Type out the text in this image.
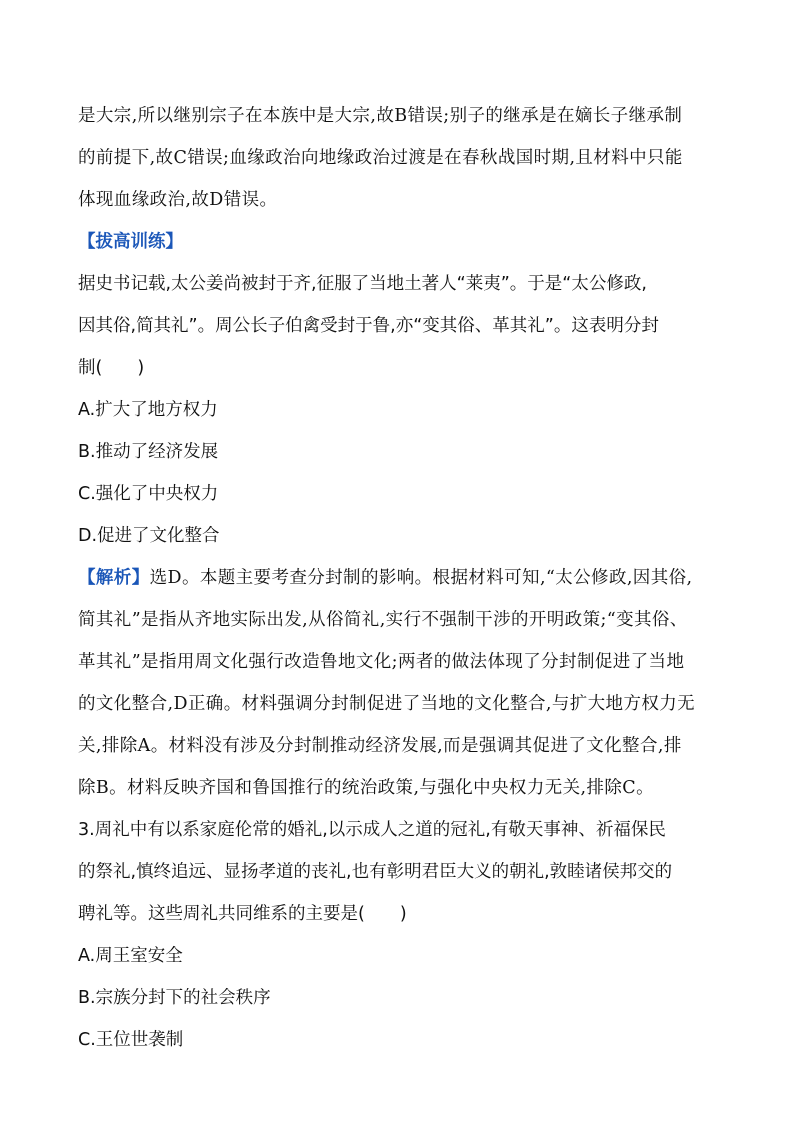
是大宗,所以继别宗子在本族中是大宗,故B错误;别子的继承是在嫡长子继承制
的前提下,故C错误;血缘政治向地缘政治过渡是在春秋战国时期,且材料中只能
体现血缘政治,故D错误。
【拔高训练】
据史书记载,太公姜尚被封于齐,征服了当地土著人“莱夷”。于是“太公修政,
因其俗,简其礼”。周公长子伯禽受封于鲁,亦“变其俗、革其礼”。这表明分封
制(　　)
A.扩大了地方权力
B.推动了经济发展
C.强化了中央权力
D.促进了文化整合
【解析】选D。本题主要考查分封制的影响。根据材料可知,“太公修政,因其俗,
简其礼”是指从齐地实际出发,从俗简礼,实行不强制干涉的开明政策;“变其俗、
革其礼”是指用周文化强行改造鲁地文化;两者的做法体现了分封制促进了当地
的文化整合,D正确。材料强调分封制促进了当地的文化整合,与扩大地方权力无
关,排除A。材料没有涉及分封制推动经济发展,而是强调其促进了文化整合,排
除B。材料反映齐国和鲁国推行的统治政策,与强化中央权力无关,排除C。
3.周礼中有以系家庭伦常的婚礼,以示成人之道的冠礼,有敬天事神、祈福保民
的祭礼,慎终追远、显扬孝道的丧礼,也有彰明君臣大义的朝礼,敦睦诸侯邦交的
聘礼等。这些周礼共同维系的主要是(　　)
A.周王室安全
B.宗族分封下的社会秩序
C.王位世袭制
